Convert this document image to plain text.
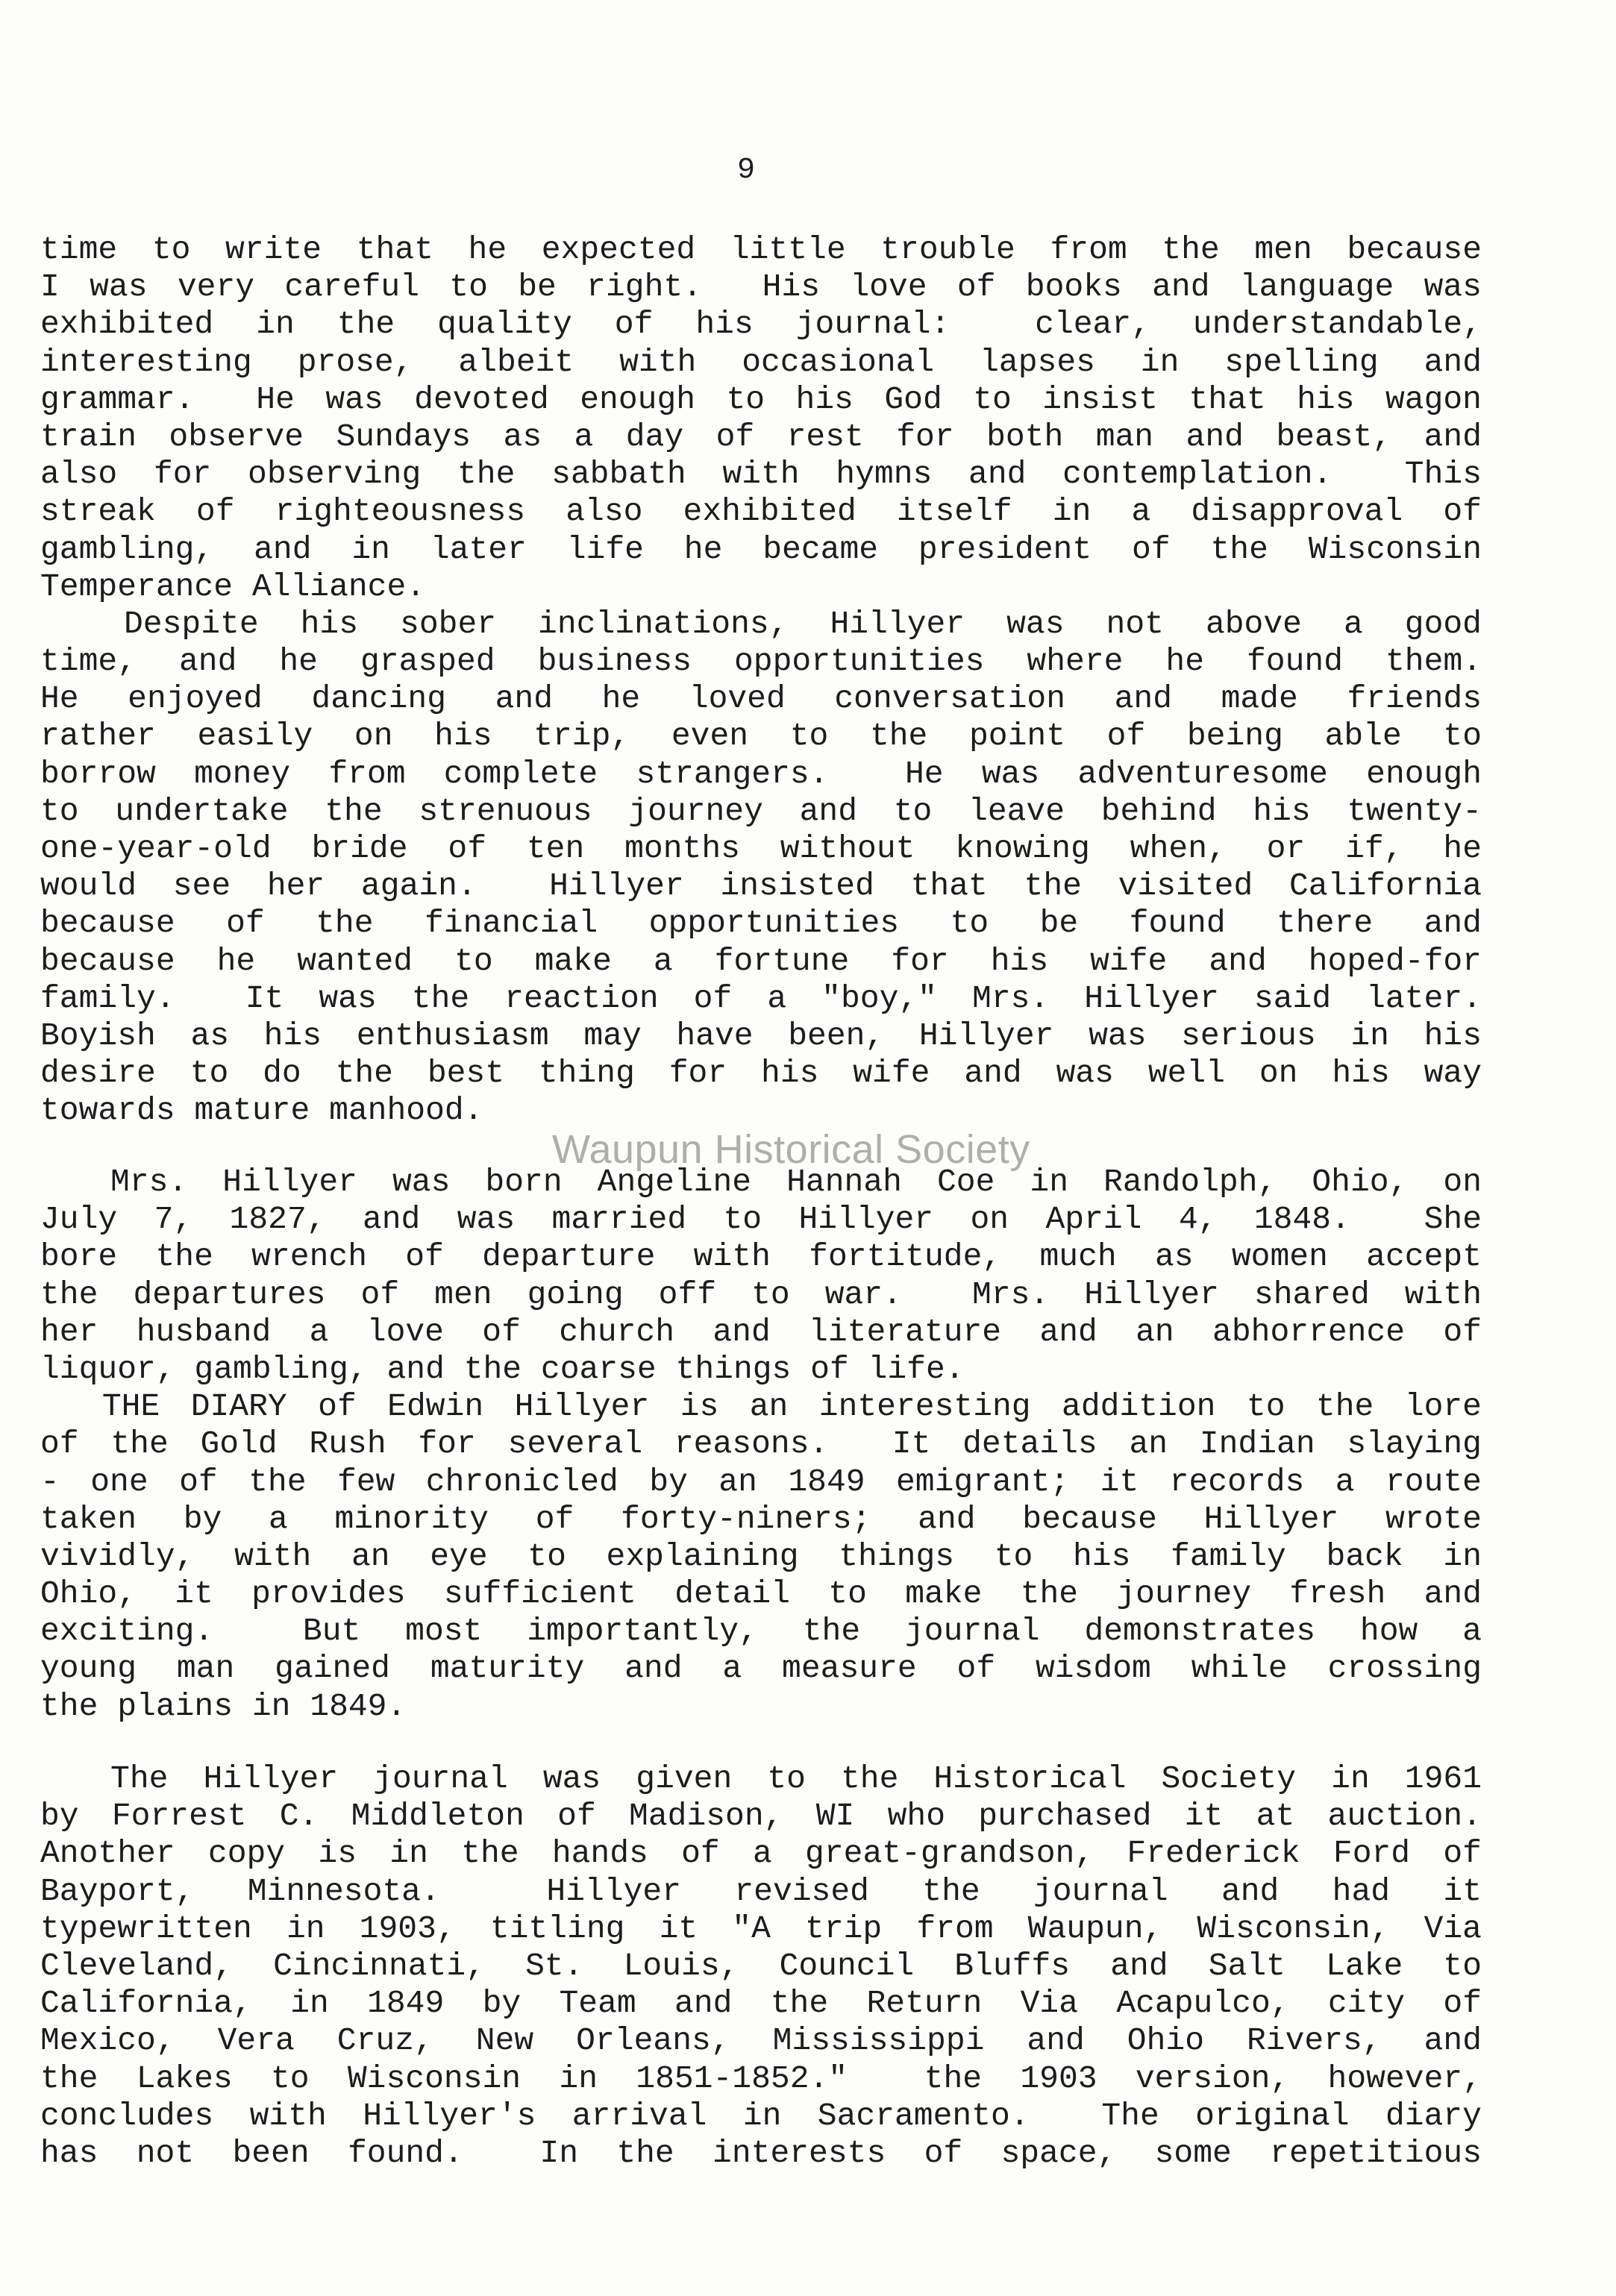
9
Waupun Historical Society
time to write that he expected little trouble from the men because
I was very careful to be right.  His love of books and language was
exhibited in the quality of his journal:  clear, understandable,
interesting prose, albeit with occasional lapses in spelling and
grammar.  He was devoted enough to his God to insist that his wagon
train observe Sundays as a day of rest for both man and beast, and
also for observing the sabbath with hymns and contemplation.  This
streak of righteousness also exhibited itself in a disapproval of
gambling, and in later life he became president of the Wisconsin
Temperance Alliance.
Despite his sober inclinations, Hillyer was not above a good
time, and he grasped business opportunities where he found them.
He enjoyed dancing and he loved conversation and made friends
rather easily on his trip, even to the point of being able to
borrow money from complete strangers.  He was adventuresome enough
to undertake the strenuous journey and to leave behind his twenty-
one-year-old bride of ten months without knowing when, or if, he
would see her again.  Hillyer insisted that the visited California
because of the financial opportunities to be found there and
because he wanted to make a fortune for his wife and hoped-for
family.  It was the reaction of a "boy," Mrs. Hillyer said later.
Boyish as his enthusiasm may have been, Hillyer was serious in his
desire to do the best thing for his wife and was well on his way
towards mature manhood.
Mrs. Hillyer was born Angeline Hannah Coe in Randolph, Ohio, on
July 7, 1827, and was married to Hillyer on April 4, 1848.  She
bore the wrench of departure with fortitude, much as women accept
the departures of men going off to war.  Mrs. Hillyer shared with
her husband a love of church and literature and an abhorrence of
liquor, gambling, and the coarse things of life.
THE DIARY of Edwin Hillyer is an interesting addition to the lore
of the Gold Rush for several reasons.  It details an Indian slaying
- one of the few chronicled by an 1849 emigrant; it records a route
taken by a minority of forty-niners; and because Hillyer wrote
vividly, with an eye to explaining things to his family back in
Ohio, it provides sufficient detail to make the journey fresh and
exciting.  But most importantly, the journal demonstrates how a
young man gained maturity and a measure of wisdom while crossing
the plains in 1849.
The Hillyer journal was given to the Historical Society in 1961
by Forrest C. Middleton of Madison, WI who purchased it at auction.
Another copy is in the hands of a great-grandson, Frederick Ford of
Bayport, Minnesota.  Hillyer revised the journal and had it
typewritten in 1903, titling it "A trip from Waupun, Wisconsin, Via
Cleveland, Cincinnati, St. Louis, Council Bluffs and Salt Lake to
California, in 1849 by Team and the Return Via Acapulco, city of
Mexico, Vera Cruz, New Orleans, Mississippi and Ohio Rivers, and
the Lakes to Wisconsin in 1851-1852."  the 1903 version, however,
concludes with Hillyer's arrival in Sacramento.  The original diary
has not been found.  In the interests of space, some repetitious
